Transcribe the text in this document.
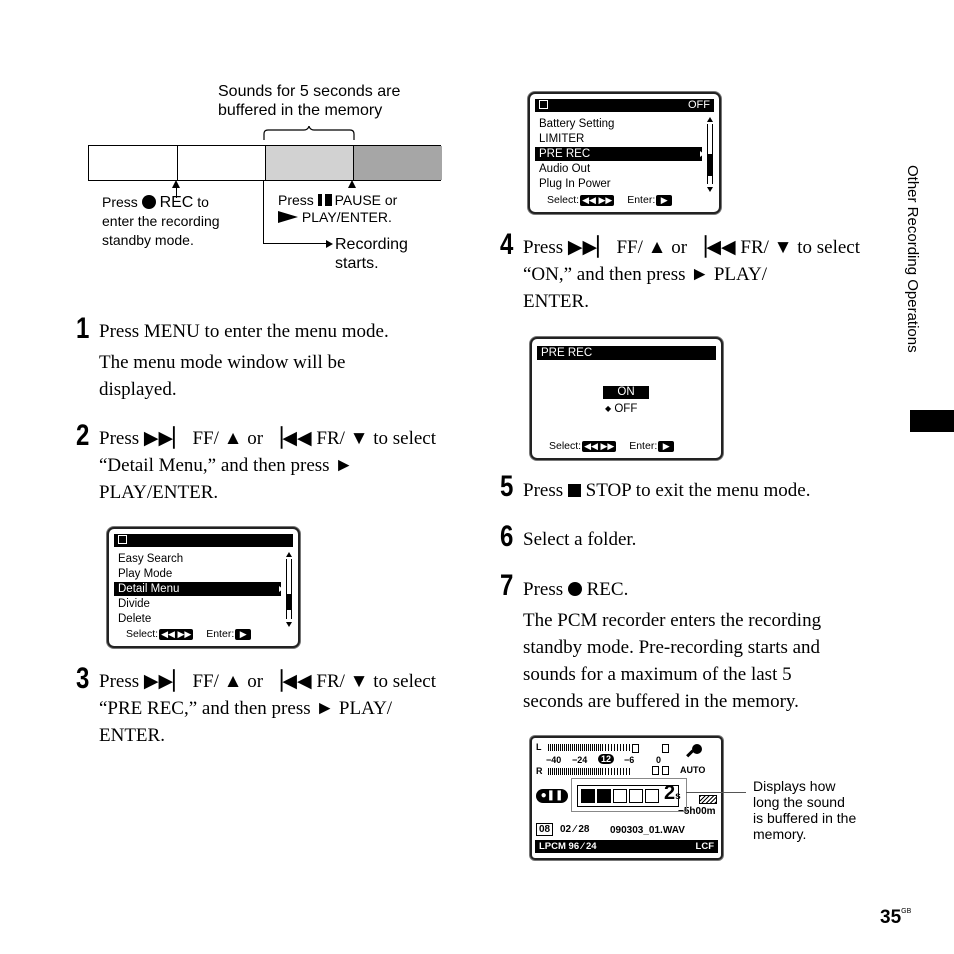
Sounds for 5 seconds are
buffered in the memory
Press REC to
enter the recording
standby mode.
Press PAUSE or
PLAY/ENTER.
Recording
starts.
1 Press MENU to enter the menu mode.
The menu mode window will be
displayed.
2 Press ▶▶▏ FF/ ▲ or ▕◀◀ FR/ ▼ to select
“Detail Menu,” and then press ►
PLAY/ENTER.
Easy Search
Play Mode
Detail Menu
Divide
Delete
Select: ◀◀ ▶▶ Enter: ▶
3 Press ▶▶▏ FF/ ▲ or ▕◀◀ FR/ ▼ to select
“PRE REC,” and then press ► PLAY/
ENTER.
OFF
Battery Setting
LIMITER
PRE REC
Audio Out
Plug In Power
Select: ◀◀ ▶▶ Enter: ▶
4 Press ▶▶▏ FF/ ▲ or ▕◀◀ FR/ ▼ to select
“ON,” and then press ► PLAY/
ENTER.
PRE REC
ON
◆ OFF
Select: ◀◀ ▶▶ Enter: ▶
5 Press STOP to exit the menu mode.
6 Select a folder.
7 Press REC.
The PCM recorder enters the recording
standby mode. Pre-recording starts and
sounds for a maximum of the last 5
seconds are buffered in the memory.
L
R
−40 −24	12	−6 0
AUTO
●❚❚	2s
−5h00m
08 02 ∕ 28 090303_01.WAV
LPCM 96 ∕ 24	LCF
Displays how
long the sound
is buffered in the
memory.
Other Recording Operations
$35^{GB}$
